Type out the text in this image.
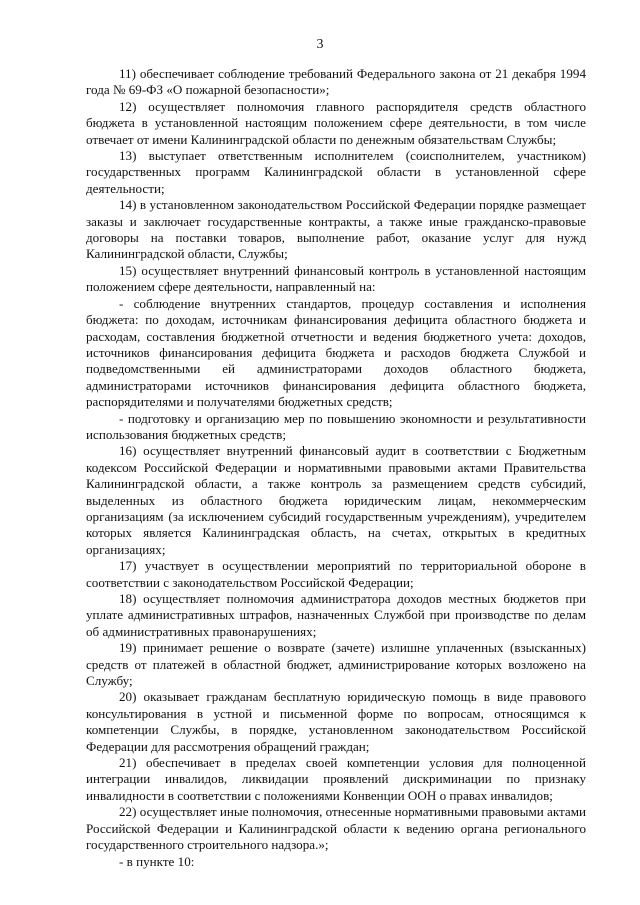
3

11) обеспечивает соблюдение требований Федерального закона от 21 декабря 1994 года № 69-ФЗ «О пожарной безопасности»;

12) осуществляет полномочия главного распорядителя средств областного бюджета в установленной настоящим положением сфере деятельности, в том числе отвечает от имени Калининградской области по денежным обязательствам Службы;

13) выступает ответственным исполнителем (соисполнителем, участником) государственных программ Калининградской области в установленной сфере деятельности;

14) в установленном законодательством Российской Федерации порядке размещает заказы и заключает государственные контракты, а также иные гражданско-правовые договоры на поставки товаров, выполнение работ, оказание услуг для нужд Калининградской области, Службы;

15) осуществляет внутренний финансовый контроль в установленной настоящим положением сфере деятельности, направленный на:

- соблюдение внутренних стандартов, процедур составления и исполнения бюджета: по доходам, источникам финансирования дефицита областного бюджета и расходам, составления бюджетной отчетности и ведения бюджетного учета: доходов, источников финансирования дефицита бюджета и расходов бюджета Службой и подведомственными ей администраторами доходов областного бюджета, администраторами источников финансирования дефицита областного бюджета, распорядителями и получателями бюджетных средств;

- подготовку и организацию мер по повышению экономности и результативности использования бюджетных средств;

16) осуществляет внутренний финансовый аудит в соответствии с Бюджетным кодексом Российской Федерации и нормативными правовыми актами Правительства Калининградской области, а также контроль за размещением средств субсидий, выделенных из областного бюджета юридическим лицам, некоммерческим организациям (за исключением субсидий государственным учреждениям), учредителем которых является Калининградская область, на счетах, открытых в кредитных организациях;

17) участвует в осуществлении мероприятий по территориальной обороне в соответствии с законодательством Российской Федерации;

18) осуществляет полномочия администратора доходов местных бюджетов при уплате административных штрафов, назначенных Службой при производстве по делам об административных правонарушениях;

19) принимает решение о возврате (зачете) излишне уплаченных (взысканных) средств от платежей в областной бюджет, администрирование которых возложено на Службу;

20) оказывает гражданам бесплатную юридическую помощь в виде правового консультирования в устной и письменной форме по вопросам, относящимся к компетенции Службы, в порядке, установленном законодательством Российской Федерации для рассмотрения обращений граждан;

21) обеспечивает в пределах своей компетенции условия для полноценной интеграции инвалидов, ликвидации проявлений дискриминации по признаку инвалидности в соответствии с положениями Конвенции ООН о правах инвалидов;

22) осуществляет иные полномочия, отнесенные нормативными правовыми актами Российской Федерации и Калининградской области к ведению органа регионального государственного строительного надзора.»;

- в пункте 10:
